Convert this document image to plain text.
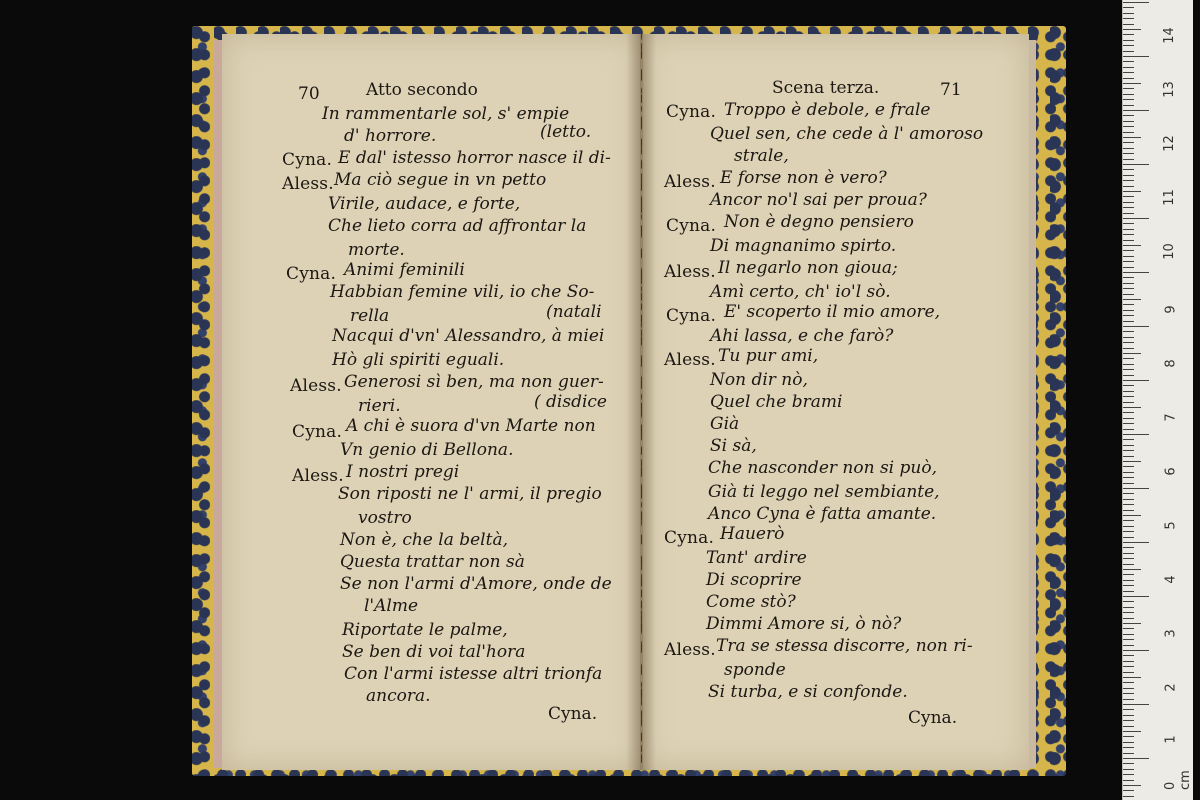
70	Atto secondo
In rammentarle sol, s' empie
d' horrore.	(letto.
Cyna. E dal' istesso horror nasce il di-
Aless. Ma ciò segue in vn petto
Virile, audace, e forte,
Che lieto corra ad affrontar la
morte.
Cyna. Animi feminili
Habbian femine vili, io che So-
rella	(natali
Nacqui d'vn' Alessandro, à miei
Hò gli spiriti eguali.
Aless. Generosi sì ben, ma non guer-
rieri.	( disdice
Cyna. A chi è suora d'vn Marte non
Vn genio di Bellona.
Aless. I nostri pregi
Son riposti ne l' armi, il pregio
vostro
Non è, che la beltà,
Questa trattar non sà
Se non l'armi d'Amore, onde de
l'Alme
Riportate le palme,
Se ben di voi tal'hora
Con l'armi istesse altri trionfa
ancora.
Cyna.
Scena terza.	71
Cyna. Troppo è debole, e frale
Quel sen, che cede à l' amoroso
strale,
Aless. E forse non è vero?
Ancor no'l sai per proua?
Cyna. Non è degno pensiero
Di magnanimo spirto.
Aless. Il negarlo non gioua;
Amì certo, ch' io'l sò.
Cyna. E' scoperto il mio amore,
Ahi lassa, e che farò?
Aless. Tu pur ami,
Non dir nò,
Quel che brami
Già
Si sà,
Che nasconder non si può,
Già ti leggo nel sembiante,
Anco Cyna è fatta amante.
Cyna. Hauerò
Tant' ardire
Di scoprire
Come stò?
Dimmi Amore si, ò nò?
Aless. Tra se stessa discorre, non ri-
sponde
Si turba, e si confonde.
Cyna.
0 cm
1
2
3
4
5
6
7
8
9
10
11
12
13
14
